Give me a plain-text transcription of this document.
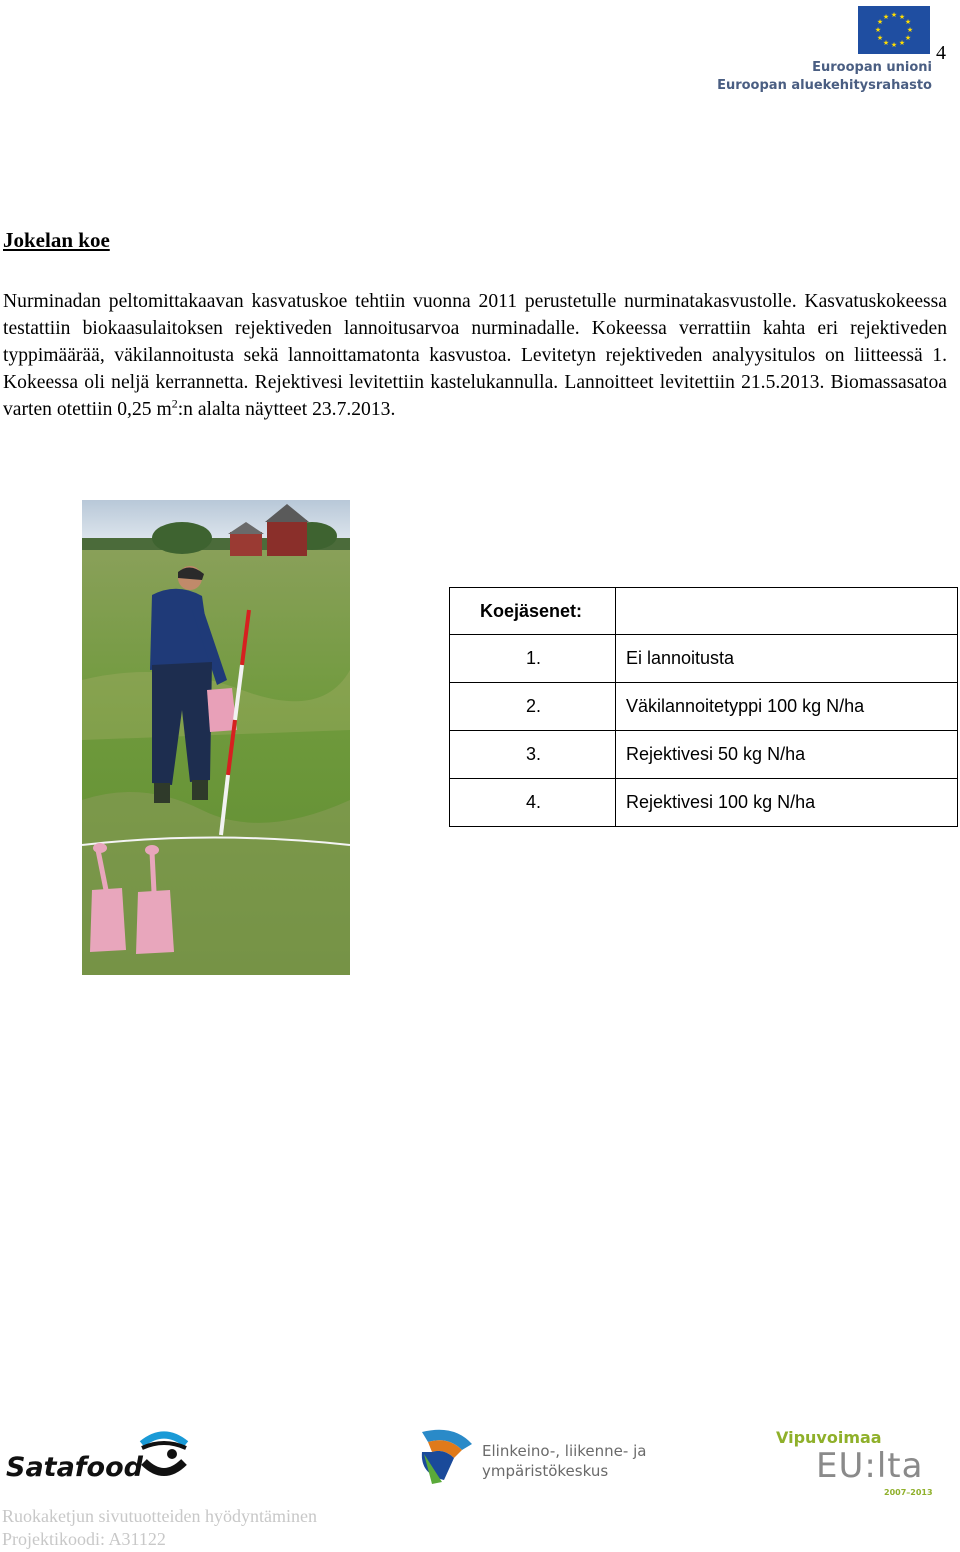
4
★ ★
★
★
★
★
★
★
★
★
★
★
Euroopan unioni
Euroopan aluekehitysrahasto
Jokelan koe

Nurminadan peltomittakaavan kasvatuskoe tehtiin vuonna 2011 perustetulle nurminatakasvustolle. Kasvatuskokeessa testattiin biokaasulaitoksen rejektiveden lannoitusarvoa nurminadalle. Kokeessa verrattiin kahta eri rejektiveden typpimäärää, väkilannoitusta sekä lannoittamatonta kasvustoa. Levitetyn rejektiveden analyysitulos on liitteessä 1. Kokeessa oli neljä kerrannetta. Rejektivesi levitettiin kastelukannulla. Lannoitteet levitettiin 21.5.2013. Biomassasatoa varten otettiin 0,25 $m^2:n$ alalta näytteet 23.7.2013.

Koejäsenet:	
1.	Ei lannoitusta
2.	Väkilannoitetyppi 100 kg N/ha
3.	Rejektivesi 50 kg N/ha
4.	Rejektivesi 100 kg N/ha
Satafood
Elinkeino-, liikenne- ja
ympäristökeskus
Vipuvoimaa
EU:lta
2007–2013
Ruokaketjun sivutuotteiden hyödyntäminen
Projektikoodi: A31122
